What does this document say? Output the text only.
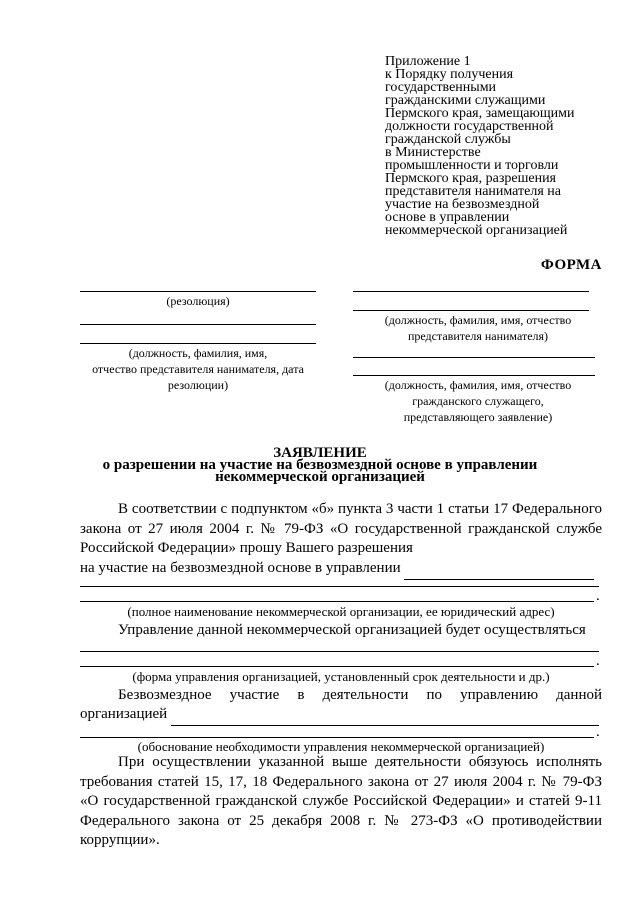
Приложение 1
к Порядку получения
государственными
гражданскими служащими
Пермского края, замещающими
должности государственной
гражданской службы
в Министерстве
промышленности и торговли
Пермского края, разрешения
представителя нанимателя на
участие на безвозмездной
основе в управлении
некоммерческой организацией
ФОРМА
(резолюция)
(должность, фамилия, имя,
отчество представителя нанимателя, дата
резолюции)
(должность, фамилия, имя, отчество
представителя нанимателя)
(должность, фамилия, имя, отчество
гражданского служащего,
представляющего заявление)
ЗАЯВЛЕНИЕ
о разрешении на участие на безвозмездной основе в управлении
некоммерческой организацией
В соответствии с подпунктом «б» пункта 3 части 1 статьи 17 Федерального закона от 27 июля 2004 г. № 79-ФЗ «О государственной гражданской службе Российской Федерации» прошу Вашего разрешения
на участие на безвозмездной основе в управлении
.
(полное наименование некоммерческой организации, ее юридический адрес)
Управление данной некоммерческой организацией будет осуществляться
.
(форма управления организацией, установленный срок деятельности и др.)
Безвозмездное участие в деятельности по управлению данной
организацией
.
(обоснование необходимости управления некоммерческой организацией)
При осуществлении указанной выше деятельности обязуюсь исполнять требования статей 15, 17, 18 Федерального закона от 27 июля 2004 г. № 79-ФЗ «О государственной гражданской службе Российской Федерации» и статей 9-11 Федерального закона от 25 декабря 2008 г. № 273-ФЗ «О противодействии коррупции».
